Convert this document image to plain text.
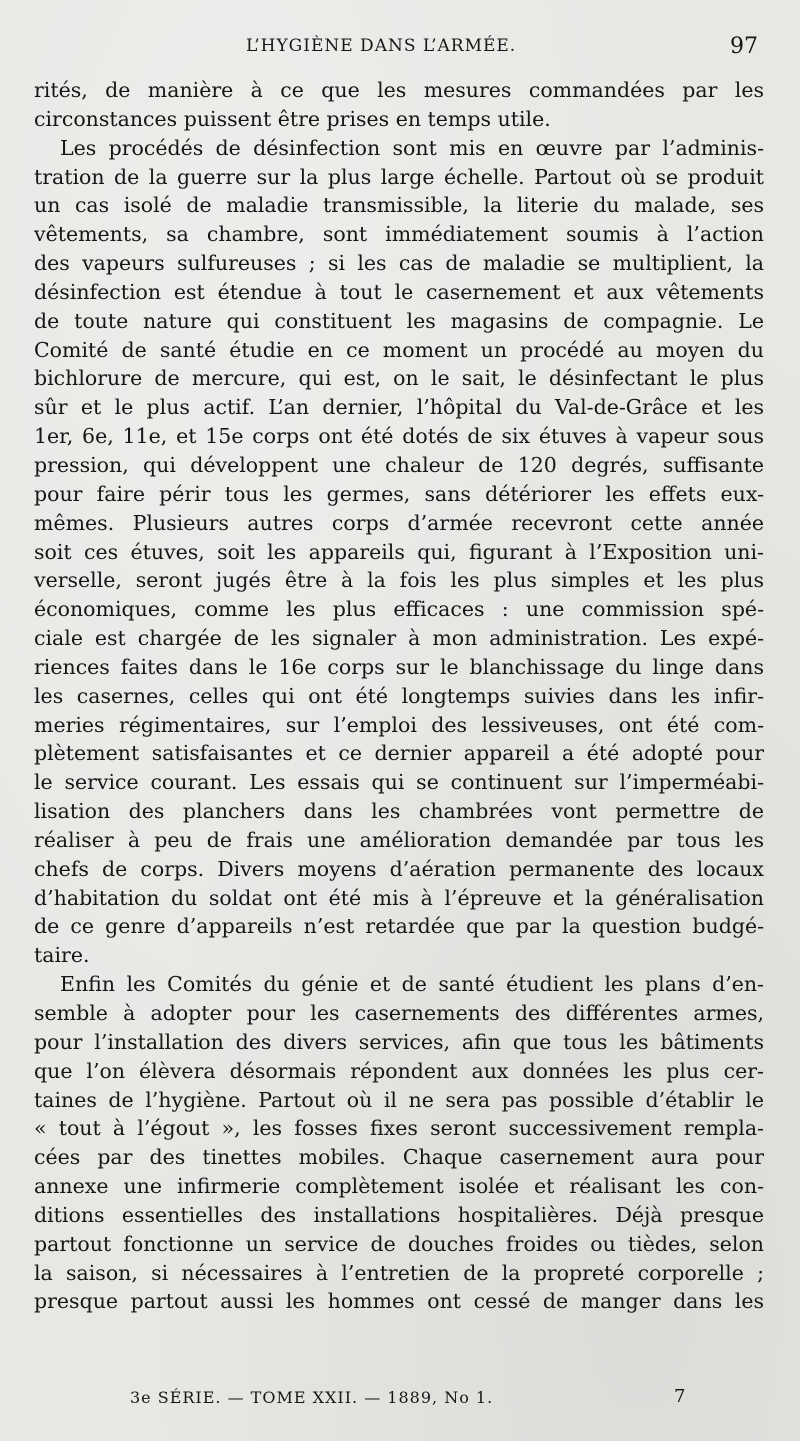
L’HYGIÈNE DANS L’ARMÉE.	97
rités, de manière à ce que les mesures commandées par les
circonstances puissent être prises en temps utile.
Les procédés de désinfection sont mis en œuvre par l’adminis-
tration de la guerre sur la plus large échelle. Partout où se produit
un cas isolé de maladie transmissible, la literie du malade, ses
vêtements, sa chambre, sont immédiatement soumis à l’action
des vapeurs sulfureuses ; si les cas de maladie se multiplient, la
désinfection est étendue à tout le casernement et aux vêtements
de toute nature qui constituent les magasins de compagnie. Le
Comité de santé étudie en ce moment un procédé au moyen du
bichlorure de mercure, qui est, on le sait, le désinfectant le plus
sûr et le plus actif. L’an dernier, l’hôpital du Val-de-Grâce et les
1er, 6e, 11e, et 15e corps ont été dotés de six étuves à vapeur sous
pression, qui développent une chaleur de 120 degrés, suffisante
pour faire périr tous les germes, sans détériorer les effets eux-
mêmes. Plusieurs autres corps d’armée recevront cette année
soit ces étuves, soit les appareils qui, figurant à l’Exposition uni-
verselle, seront jugés être à la fois les plus simples et les plus
économiques, comme les plus efficaces : une commission spé-
ciale est chargée de les signaler à mon administration. Les expé-
riences faites dans le 16e corps sur le blanchissage du linge dans
les casernes, celles qui ont été longtemps suivies dans les infir-
meries régimentaires, sur l’emploi des lessiveuses, ont été com-
plètement satisfaisantes et ce dernier appareil a été adopté pour
le service courant. Les essais qui se continuent sur l’imperméabi-
lisation des planchers dans les chambrées vont permettre de
réaliser à peu de frais une amélioration demandée par tous les
chefs de corps. Divers moyens d’aération permanente des locaux
d’habitation du soldat ont été mis à l’épreuve et la généralisation
de ce genre d’appareils n’est retardée que par la question budgé-
taire.
Enfin les Comités du génie et de santé étudient les plans d’en-
semble à adopter pour les casernements des différentes armes,
pour l’installation des divers services, afin que tous les bâtiments
que l’on élèvera désormais répondent aux données les plus cer-
taines de l’hygiène. Partout où il ne sera pas possible d’établir le
« tout à l’égout », les fosses fixes seront successivement rempla-
cées par des tinettes mobiles. Chaque casernement aura pour
annexe une infirmerie complètement isolée et réalisant les con-
ditions essentielles des installations hospitalières. Déjà presque
partout fonctionne un service de douches froides ou tièdes, selon
la saison, si nécessaires à l’entretien de la propreté corporelle ;
presque partout aussi les hommes ont cessé de manger dans les
3e SÉRIE. — TOME XXII. — 1889, No 1.	7
